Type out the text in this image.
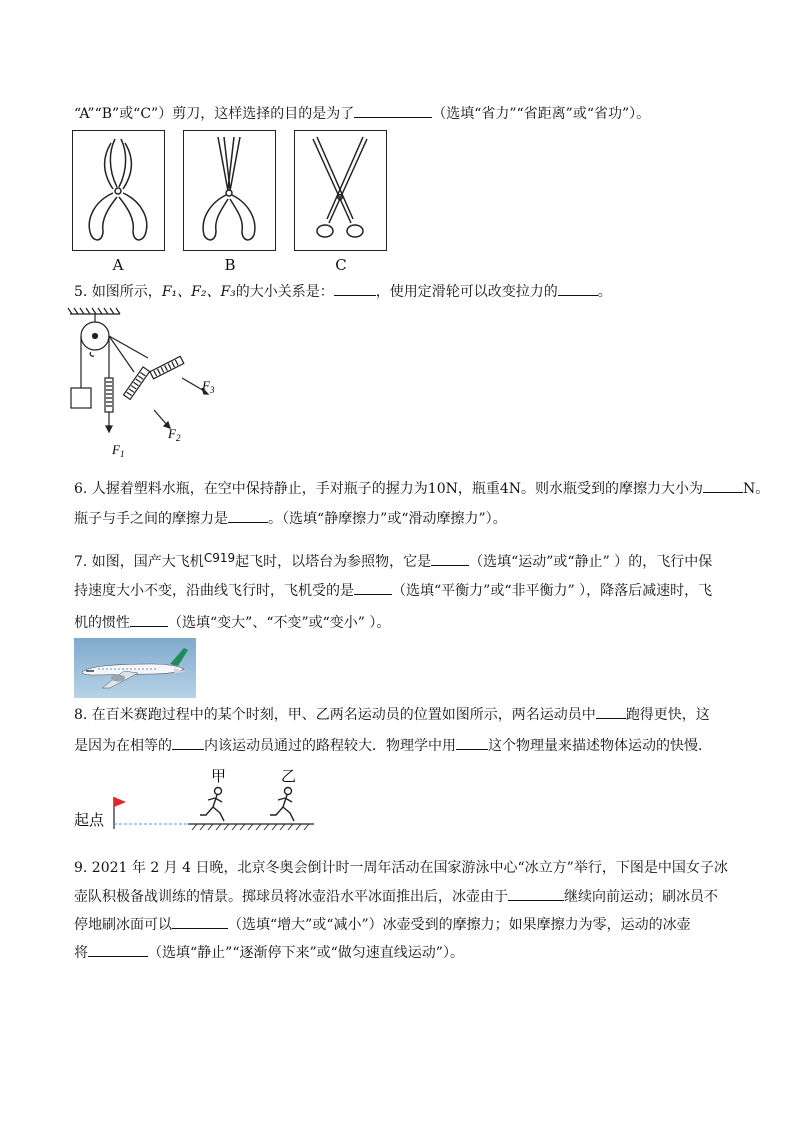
“A”“B”或“C”）剪刀，这样选择的目的是为了	（选填“省力”“省距离”或“省功”）。
A	B	C
5. 如图所示，F₁、F₂、F₃的大小关系是：	，使用定滑轮可以改变拉力的	。
$F_1$
$F_2$
$F_3$
6. 人握着塑料水瓶，在空中保持静止，手对瓶子的握力为10N，瓶重4N。则水瓶受到的摩擦力大小为	N。
瓶子与手之间的摩擦力是	。（选填“静摩擦力”或“滑动摩擦力”）。
7. 如图，国产大飞机C919起飞时，以塔台为参照物，它是	（选填“运动”或“静止” ）的，飞行中保
持速度大小不变，沿曲线飞行时，飞机受的是	（选填“平衡力”或“非平衡力” ），降落后减速时，飞
机的惯性	（选填“变大”、“不变”或“变小” ）。
8. 在百米赛跑过程中的某个时刻，甲、乙两名运动员的位置如图所示，两名运动员中 跑得更快，这
是因为在相等的 内该运动员通过的路程较大．物理学中用 这个物理量来描述物体运动的快慢．
起点
甲	乙
9. 2021 年 2 月 4 日晚，北京冬奥会倒计时一周年活动在国家游泳中心“冰立方”举行，下图是中国女子冰
壶队积极备战训练的情景。掷球员将冰壶沿水平冰面推出后，冰壶由于	继续向前运动；刷冰员不
停地刷冰面可以	（选填“增大”或“减小”）冰壶受到的摩擦力；如果摩擦力为零，运动的冰壶
将	（选填“静止”“逐渐停下来”或“做匀速直线运动”）。
